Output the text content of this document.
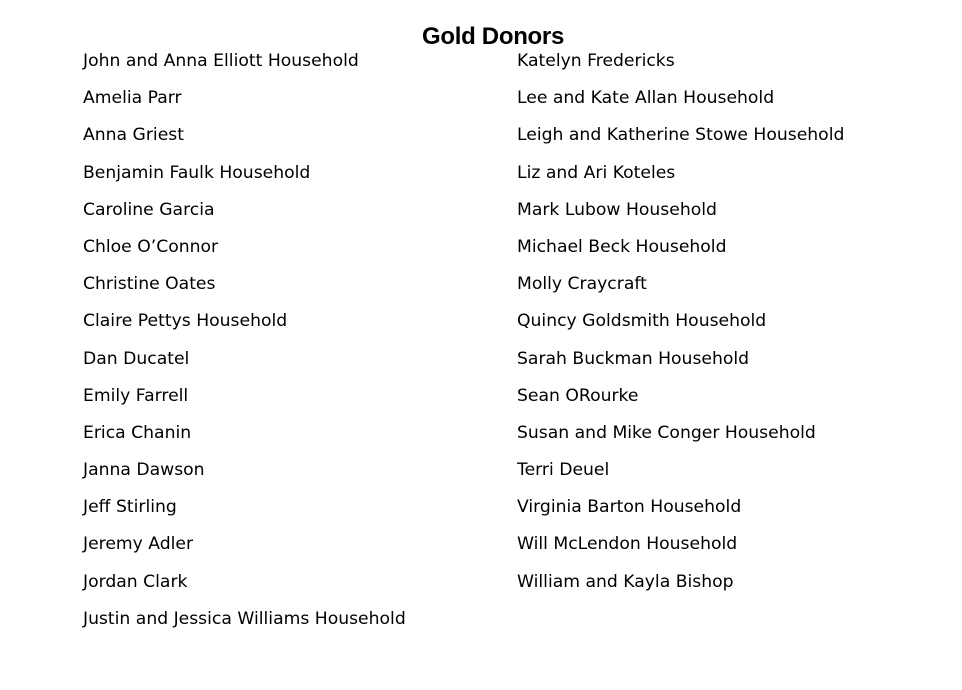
Gold Donors
John and Anna Elliott Household
Amelia Parr
Anna Griest
Benjamin Faulk Household
Caroline Garcia
Chloe O’Connor
Christine Oates
Claire Pettys Household
Dan Ducatel
Emily Farrell
Erica Chanin
Janna Dawson
Jeff Stirling
Jeremy Adler
Jordan Clark
Justin and Jessica Williams Household
Katelyn Fredericks
Lee and Kate Allan Household
Leigh and Katherine Stowe Household
Liz and Ari Koteles
Mark Lubow Household
Michael Beck Household
Molly Craycraft
Quincy Goldsmith Household
Sarah Buckman Household
Sean ORourke
Susan and Mike Conger Household
Terri Deuel
Virginia Barton Household
Will McLendon Household
William and Kayla Bishop
